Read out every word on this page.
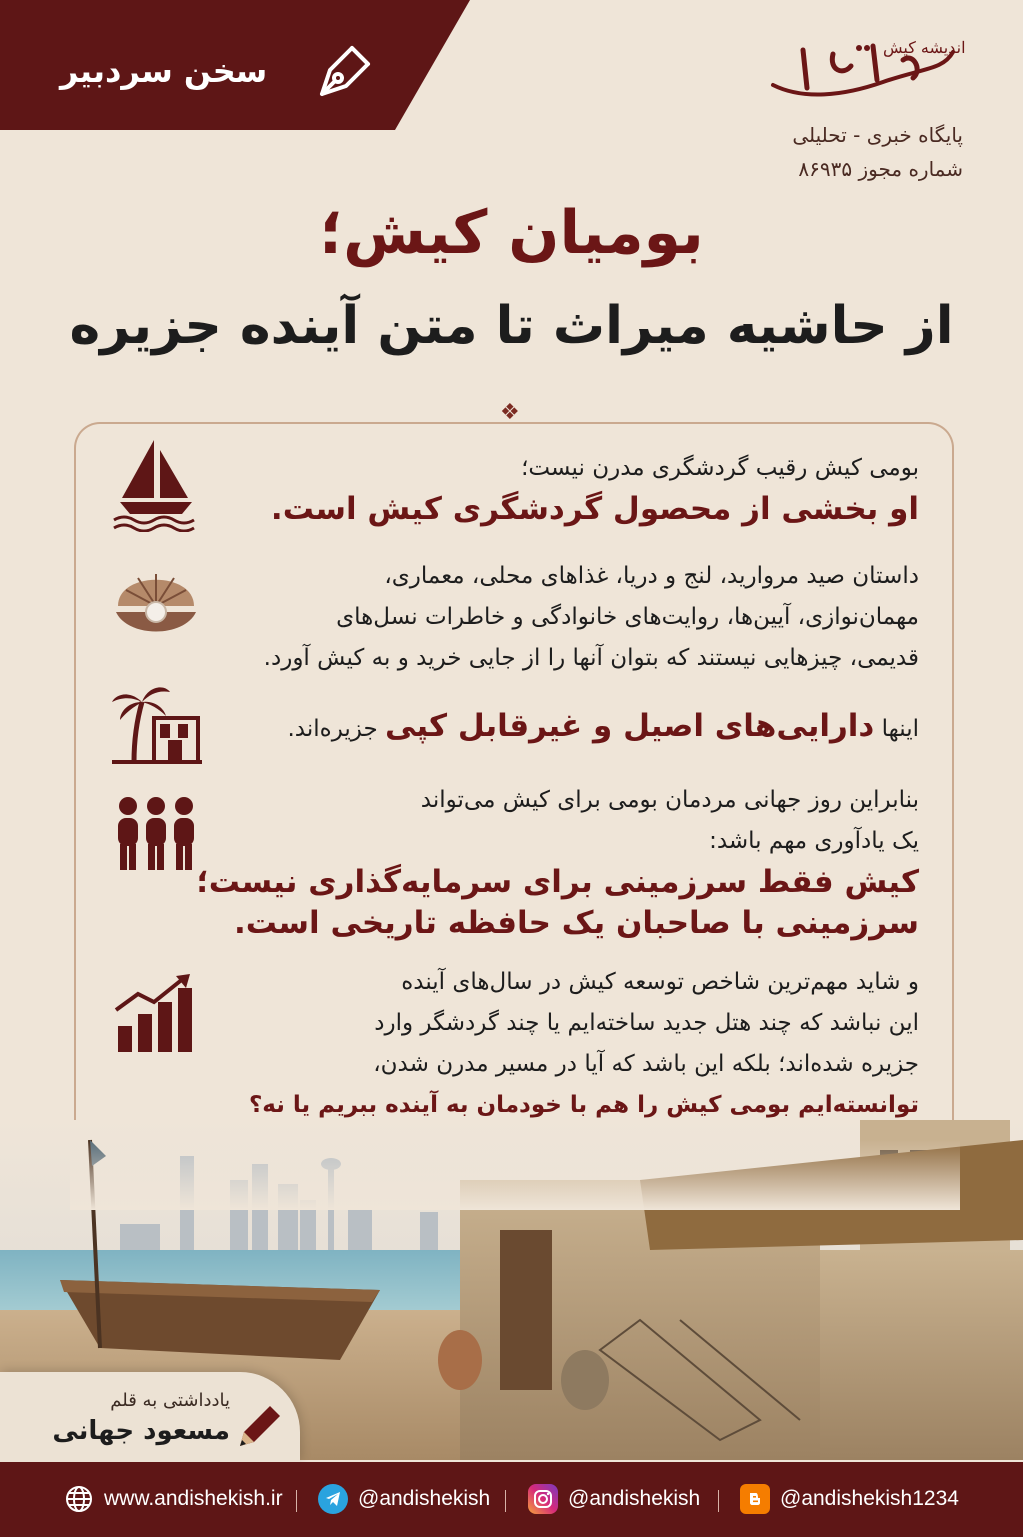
سخن سردبیر
اندیشه کیش
پایگاه خبری - تحلیلی
شماره مجوز ۸۶۹۳۵
بومیان کیش؛
از حاشیه میراث تا متن آینده جزیره
❖

بومی کیش رقیب گردشگری مدرن نیست؛

او بخشی از محصول گردشگری کیش است.

داستان صید مروارید، لنج و دریا، غذاهای محلی، معماری،

مهمان‌نوازی، آیین‌ها، روایت‌های خانوادگی و خاطرات نسل‌های

قدیمی، چیزهایی نیستند که بتوان آنها را از جایی خرید و به کیش آورد.

اینها دارایی‌های اصیل و غیرقابل کپی جزیره‌اند.

بنابراین روز جهانی مردمان بومی برای کیش می‌تواند

یک یادآوری مهم باشد:

کیش فقط سرزمینی برای سرمایه‌گذاری نیست؛

سرزمینی با صاحبان یک حافظه تاریخی است.

و شاید مهم‌ترین شاخص توسعه کیش در سال‌های آینده

این نباشد که چند هتل جدید ساخته‌ایم یا چند گردشگر وارد

جزیره شده‌اند؛ بلکه این باشد که آیا در مسیر مدرن شدن،

توانسته‌ایم بومی کیش را هم با خودمان به آینده ببریم یا نه؟

یادداشتی به قلم
مسعود جهانی
www.andishekish.ir	@andishekish	@andishekish	@andishekish1234
